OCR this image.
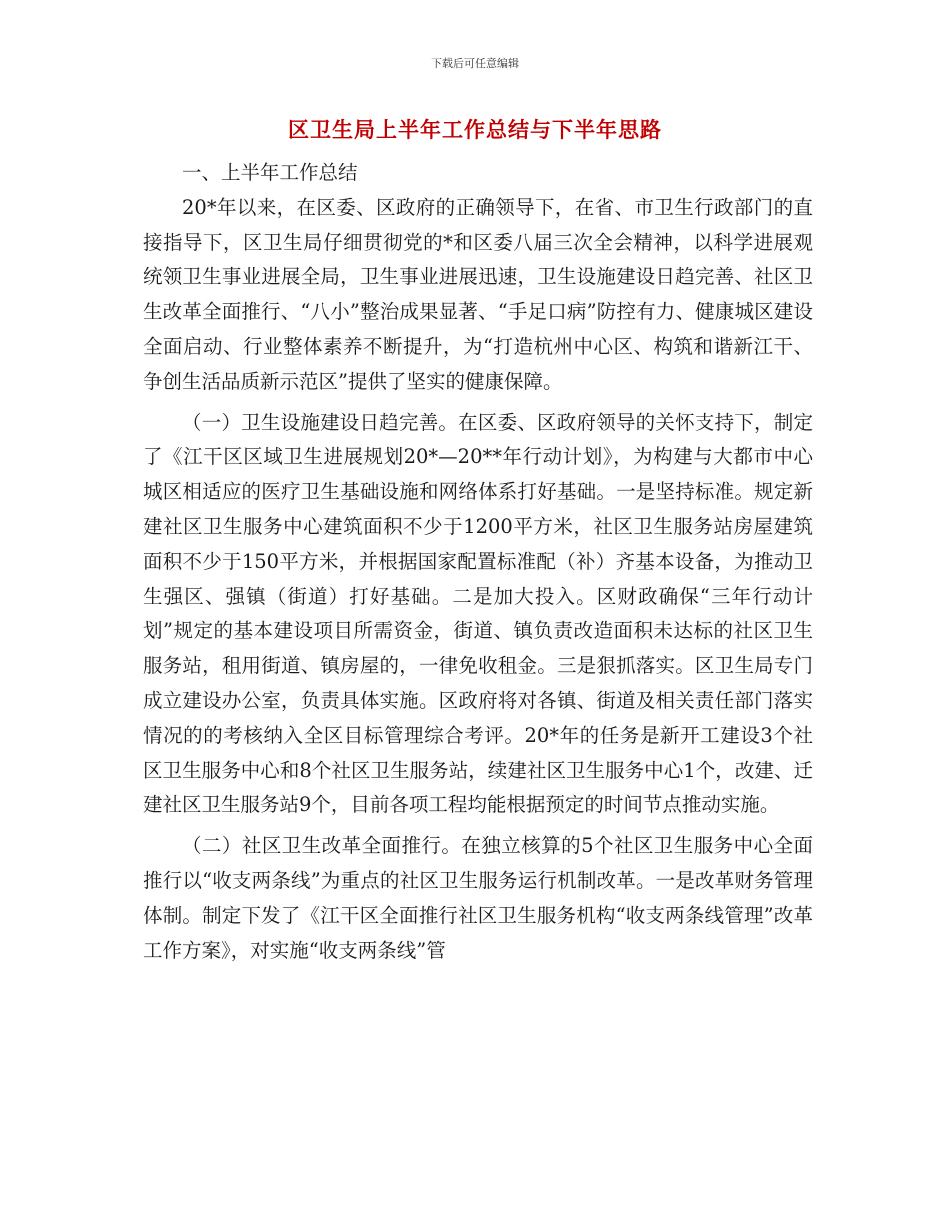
下载后可任意编辑
区卫生局上半年工作总结与下半年思路

一、上半年工作总结

20*年以来，在区委、区政府的正确领导下，在省、市卫生行政部门的直接指导下，区卫生局仔细贯彻党的*和区委八届三次全会精神，以科学进展观统领卫生事业进展全局，卫生事业进展迅速，卫生设施建设日趋完善、社区卫生改革全面推行、“八小”整治成果显著、“手足口病”防控有力、健康城区建设全面启动、行业整体素养不断提升，为“打造杭州中心区、构筑和谐新江干、争创生活品质新示范区”提供了坚实的健康保障。

（一）卫生设施建设日趋完善。在区委、区政府领导的关怀支持下，制定了《江干区区域卫生进展规划20*—20**年行动计划》，为构建与大都市中心城区相适应的医疗卫生基础设施和网络体系打好基础。一是坚持标准。规定新建社区卫生服务中心建筑面积不少于1200平方米，社区卫生服务站房屋建筑面积不少于150平方米，并根据国家配置标准配（补）齐基本设备，为推动卫生强区、强镇（街道）打好基础。二是加大投入。区财政确保“三年行动计划”规定的基本建设项目所需资金，街道、镇负责改造面积未达标的社区卫生服务站，租用街道、镇房屋的，一律免收租金。三是狠抓落实。区卫生局专门成立建设办公室，负责具体实施。区政府将对各镇、街道及相关责任部门落实情况的的考核纳入全区目标管理综合考评。20*年的任务是新开工建设3个社区卫生服务中心和8个社区卫生服务站，续建社区卫生服务中心1个，改建、迁建社区卫生服务站9个，目前各项工程均能根据预定的时间节点推动实施。

（二）社区卫生改革全面推行。在独立核算的5个社区卫生服务中心全面推行以“收支两条线”为重点的社区卫生服务运行机制改革。一是改革财务管理体制。制定下发了《江干区全面推行社区卫生服务机构“收支两条线管理”改革工作方案》，对实施“收支两条线”管
